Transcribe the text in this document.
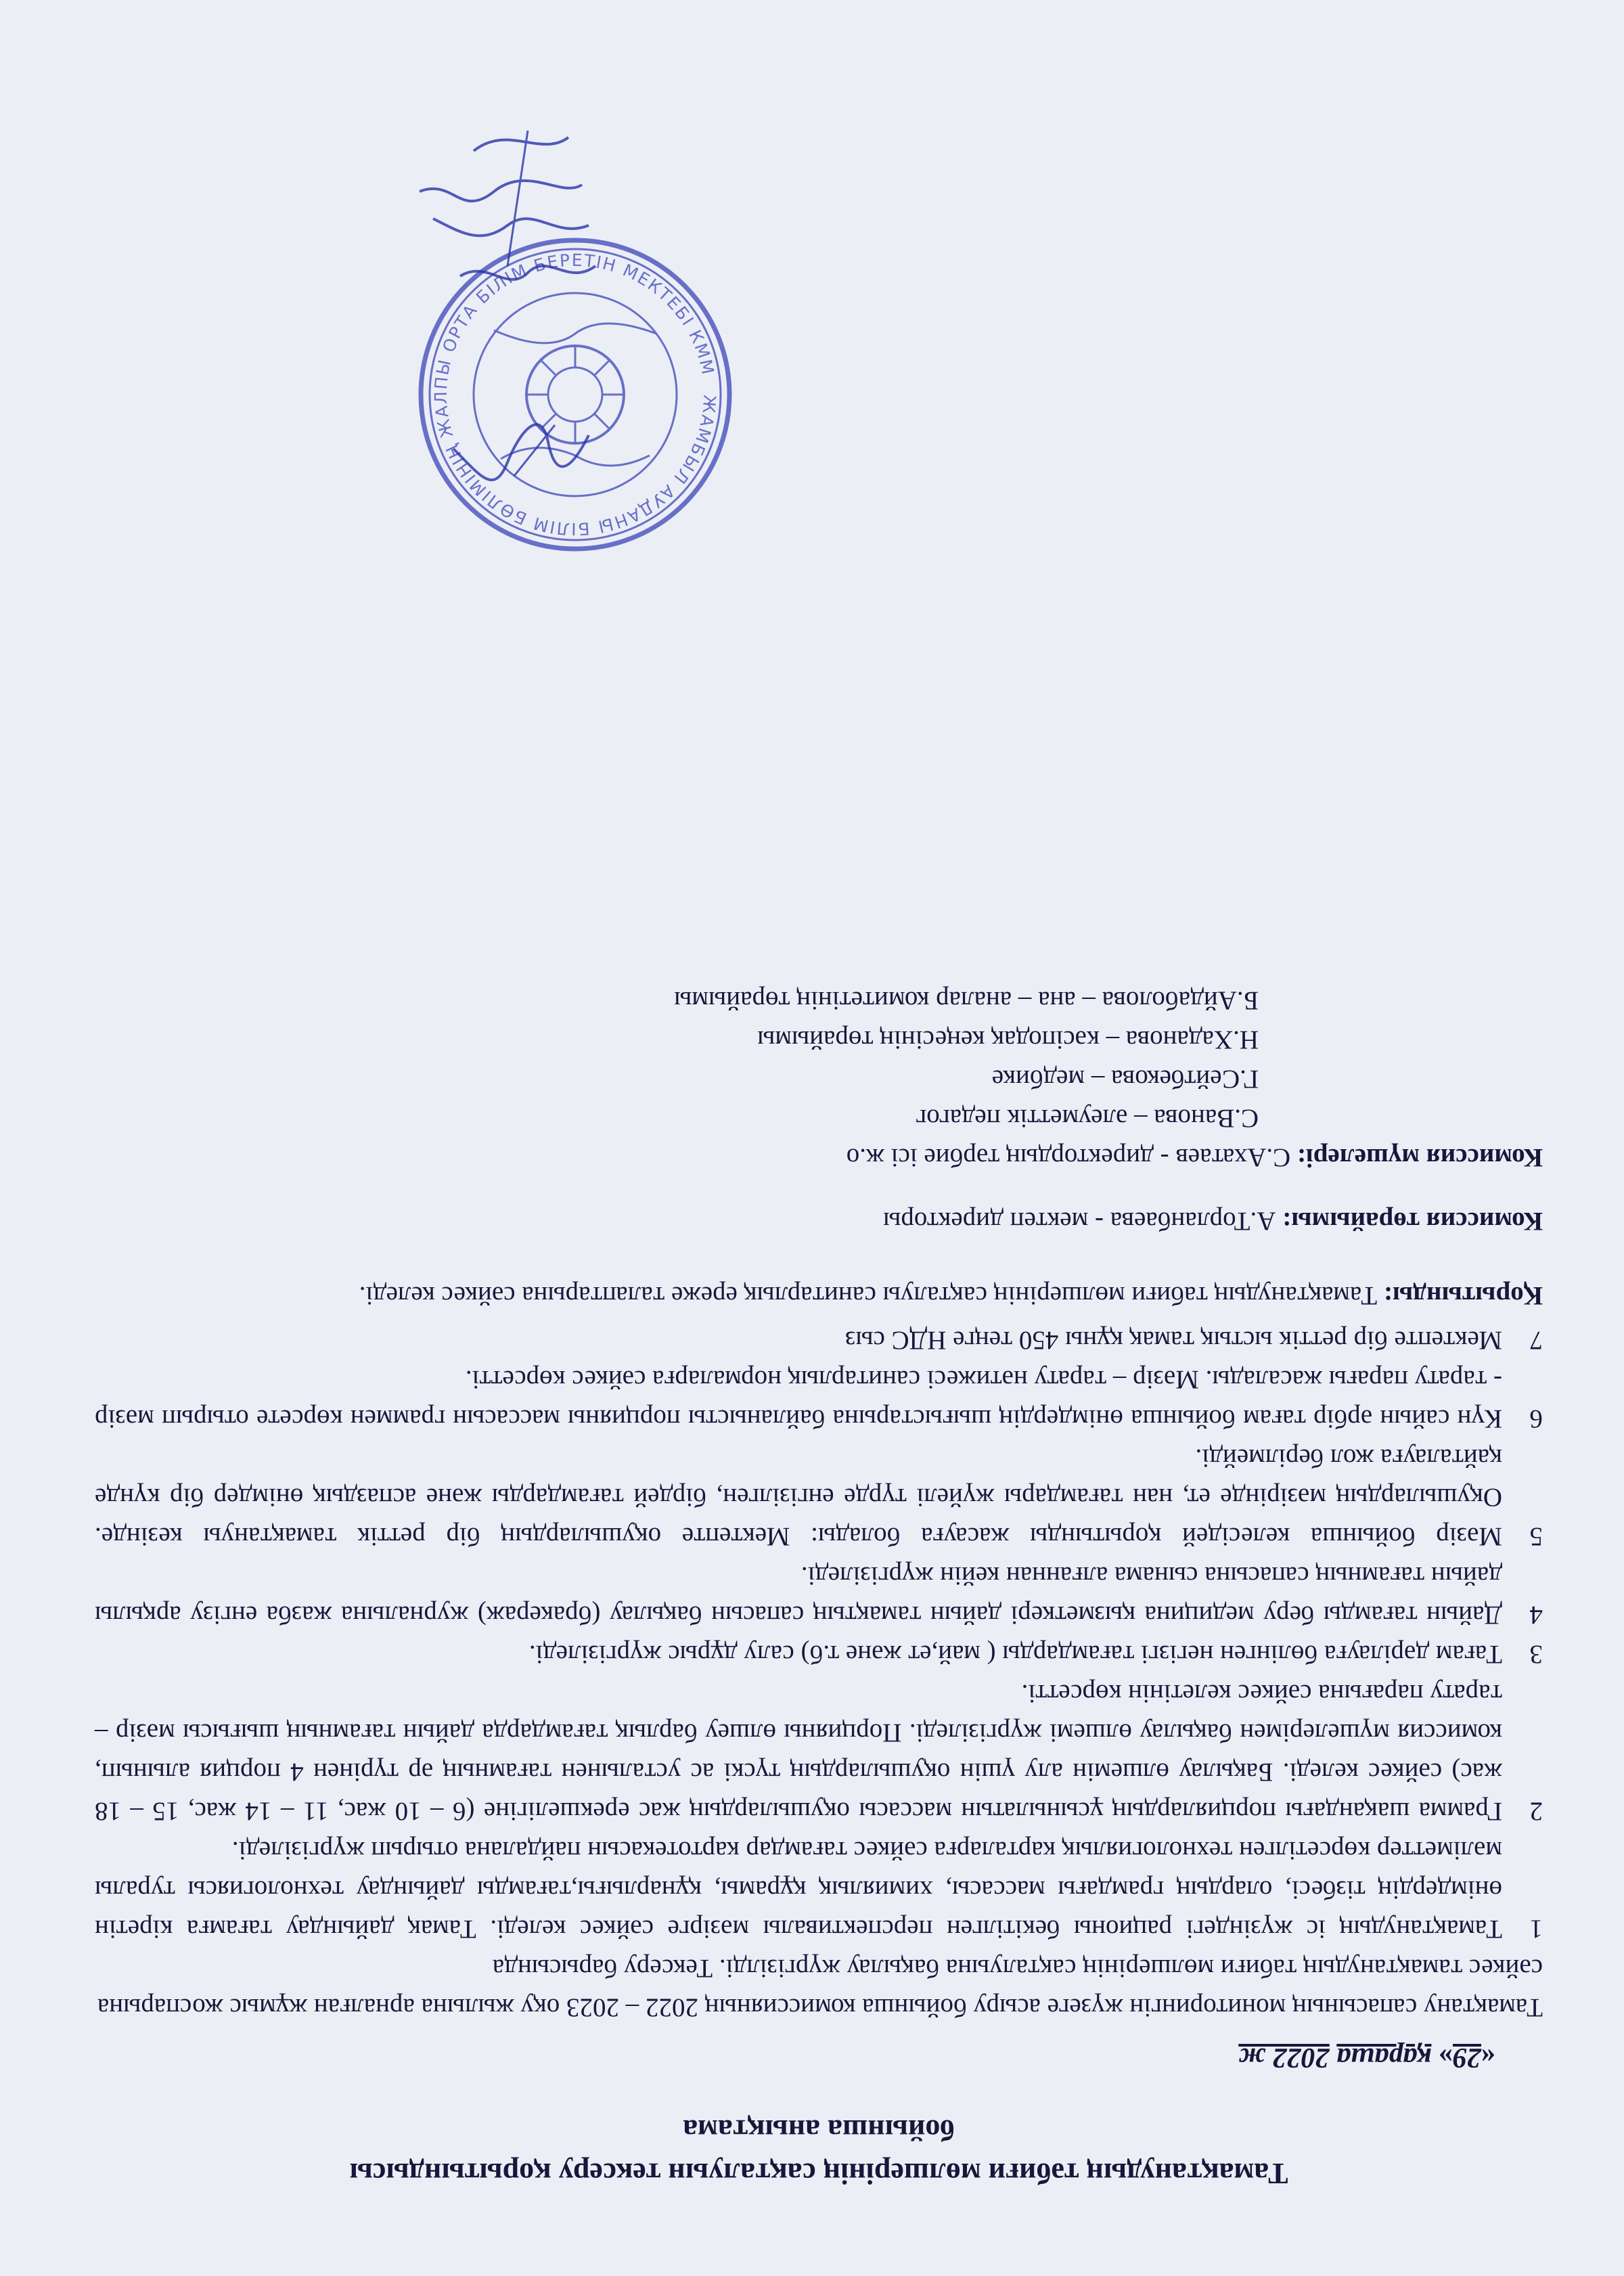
Тамақтанудың тәбиғи мөлшерінің сақталуын тексеру қорытындысы
бойынша анықтама
«29» қараша 2022 ж
Тамақтану сапасының мониторингін жүзеге асыру бойынша комиссияның 2022 – 2023 оқу жылына арналған жұмыс жоспарына сәйкес тамақтанудың табиғи мөлшерінің сақталуына бақылау жүргізілді. Тексеру барысында
1
Тамақтанудың іс жүзіндегі рационы бекітілген перспективалы мәзірге сәйкес келеді. Тамақ дайындау тағамға кіретін өнімдердің тізбесі, олардың грамдағы массасы, химиялық құрамы, құнарлығы,тағамды дайындау технологиясы туралы мәліметтер көрсетілген технологиялық карталарға сәйкес тағамдар картотекасын пайдалана отырып жүргізіледі.
2
Грамма шақандағы порциялардың ұсынылатын массасы оқушылардың жас ерекшелігіне (6 – 10 жас, 11 – 14 жас, 15 – 18 жас) сәйкес келеді. Бақылау өлшемін алу үшін оқушылардың түскі ас усталынен тағамның әр түрінен 4 порция алынып, комиссия мүшелерімен бақылау өлшемі жүргізіледі. Порцияны өлшеу барлық тағамдарда дайын тағамның шығысы мәзір – тарату парағына сәйкес келетінін көрсетті.
3
Тағам дәрілауға бөлінген негізгі тағамдарды ( май,ет және т.б) салу дұрыс жүргізіледі.
4
Дайын тағамды беру медицина қызметкері дайын тамақтың сапасын бақылау (бракераж) журналына жазба енгізу арқылы дайын тағамның сапасына сынама алғаннан кейін жүргізіледі.
5
Мәзір бойынша келесідей қорытынды жасауға болады: Мектепте оқушылардың бір реттік тамақтануы кезінде. Оқушылардың мәзірінде ет, нан тағамдары жүйелі түрде енгізілген, бірдей тағамдарды және аспаздық өнімдер бір күнде қайталауға жол берілмейді.
6
Күн сайын әрбір тағам бойынша өнімдердің шығыстарына байланысты порцияны массасын граммен көрсете отырып мәзір - тарату парағы жасалады. Мәзір – тарату нәтижесі санитарлық нормаларға сәйкес көрсетті.
7
Мектепте бір реттік ыстық тамақ құны 450 теңге НДС сыз
Қорытынды: Тамақтанудың табиғи мөлшерінің сақталуы санитарлық ереже талаптарына сәйкес келеді.
Комиссия төрайымы: А.Торланбаева - мектеп директоры
Комиссия мүшелері: С.Ахатаев - директордың тәрбие ісі ж.о
С.Ванова – әлеуметтік педагог
Г.Сейтбекова – медбике
Н.Хаданова – кәсіподақ кеңесінің төрайымы
Б.Айдаболова – ана – аналар комитетінің төрайымы
ЖАМБЫЛ АУДАНЫ БІЛІМ БӨЛІМІНІҢ ЖАЛПЫ ОРТА БІЛІМ БЕРЕТІН МЕКТЕБІ КММ
